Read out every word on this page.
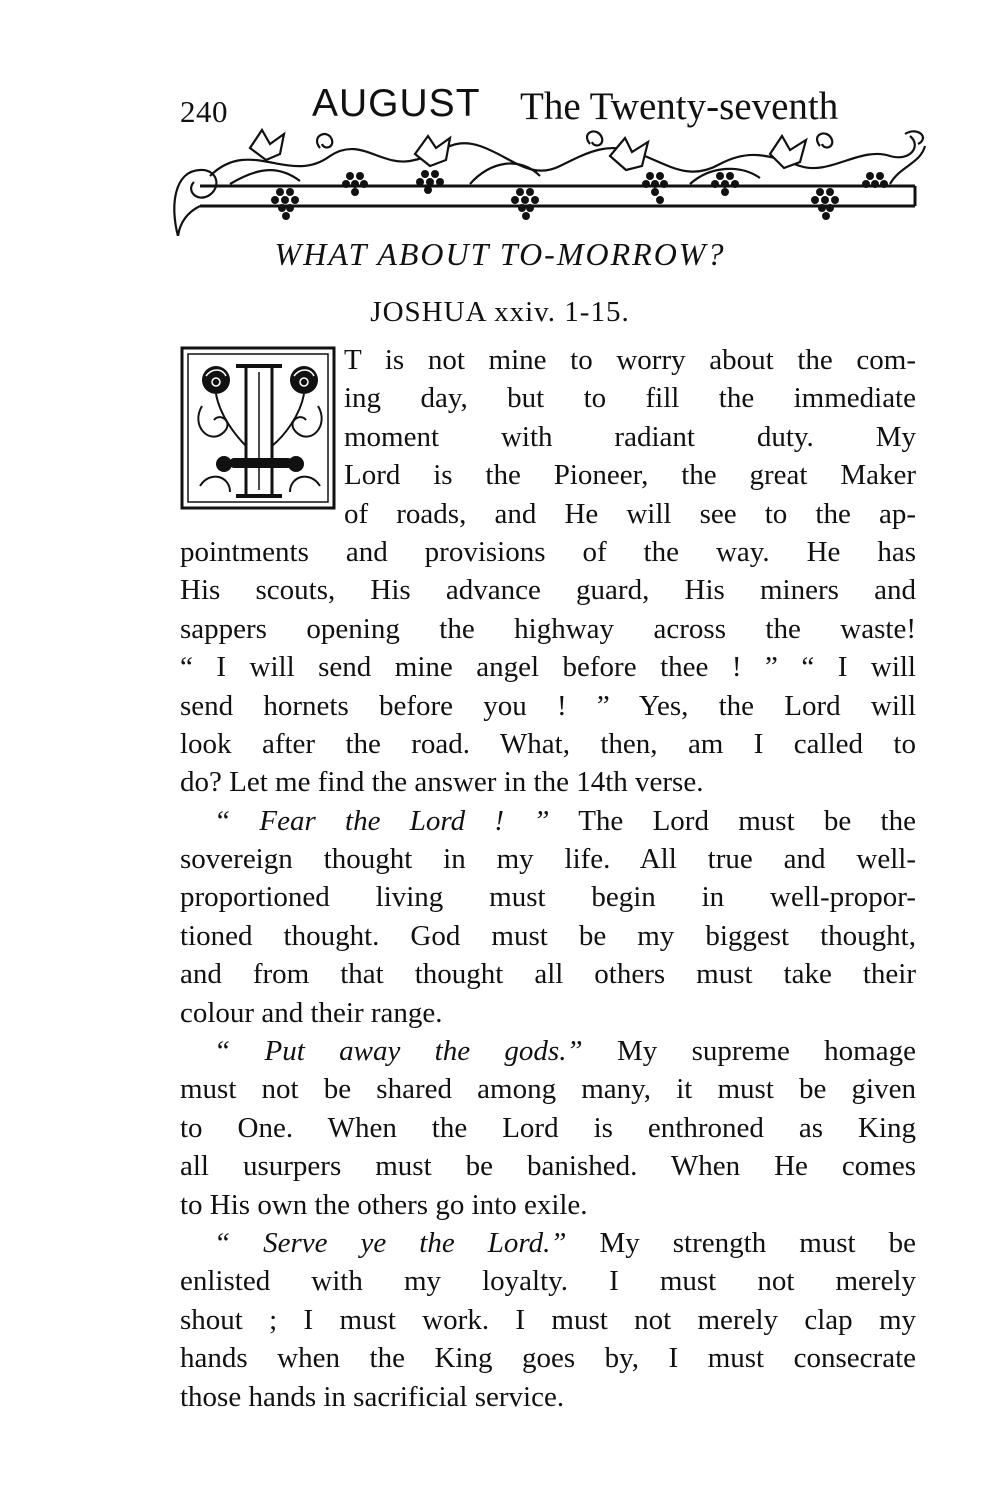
240 AUGUST The Twenty-seventh
WHAT ABOUT TO-MORROW?
JOSHUA xxiv. 1-15.
T is not mine to worry about the com-
ing day, but to fill the immediate
moment with radiant duty. My
Lord is the Pioneer, the great Maker
of roads, and He will see to the ap-
pointments and provisions of the way. He has
His scouts, His advance guard, His miners and
sappers opening the highway across the waste!
“ I will send mine angel before thee ! ” “ I will
send hornets before you ! ” Yes, the Lord will
look after the road. What, then, am I called to
do? Let me find the answer in the 14th verse.
“ Fear the Lord ! ” The Lord must be the
sovereign thought in my life. All true and well-
proportioned living must begin in well-propor-
tioned thought. God must be my biggest thought,
and from that thought all others must take their
colour and their range.
“ Put away the gods.” My supreme homage
must not be shared among many, it must be given
to One. When the Lord is enthroned as King
all usurpers must be banished. When He comes
to His own the others go into exile.
“ Serve ye the Lord.” My strength must be
enlisted with my loyalty. I must not merely
shout ; I must work. I must not merely clap my
hands when the King goes by, I must consecrate
those hands in sacrificial service.
